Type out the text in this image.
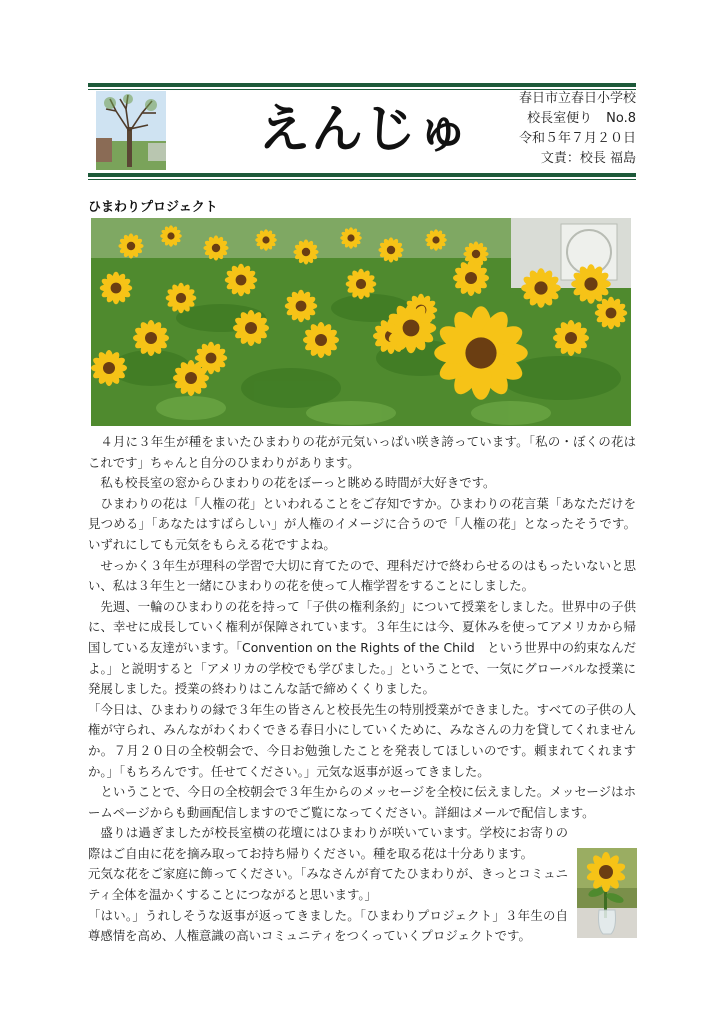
えんじゅ
春日市立春日小学校
校長室便り No.8
令和５年７月２０日
文責：校長 福島
ひまわりプロジェクト

４月に３年生が種をまいたひまわりの花が元気いっぱい咲き誇っています。「私の・ぼくの花はこれです」ちゃんと自分のひまわりがあります。

私も校長室の窓からひまわりの花をぼーっと眺める時間が大好きです。

ひまわりの花は「人権の花」といわれることをご存知ですか。ひまわりの花言葉「あなただけを見つめる」「あなたはすばらしい」が人権のイメージに合うので「人権の花」となったそうです。いずれにしても元気をもらえる花ですよね。

せっかく３年生が理科の学習で大切に育てたので、理科だけで終わらせるのはもったいないと思い、私は３年生と一緒にひまわりの花を使って人権学習をすることにしました。

先週、一輪のひまわりの花を持って「子供の権利条約」について授業をしました。世界中の子供に、幸せに成長していく権利が保障されています。３年生には今、夏休みを使ってアメリカから帰国している友達がいます。「Convention on the Rights of the Child　という世界中の約束なんだよ。」と説明すると「アメリカの学校でも学びました。」ということで、一気にグローバルな授業に発展しました。授業の終わりはこんな話で締めくくりました。

「今日は、ひまわりの縁で３年生の皆さんと校長先生の特別授業ができました。すべての子供の人権が守られ、みんながわくわくできる春日小にしていくために、みなさんの力を貸してくれませんか。７月２０日の全校朝会で、今日お勉強したことを発表してほしいのです。頼まれてくれますか。」「もちろんです。任せてください。」元気な返事が返ってきました。

ということで、今日の全校朝会で３年生からのメッセージを全校に伝えました。メッセージはホームページからも動画配信しますのでご覧になってください。詳細はメールで配信します。

盛りは過ぎましたが校長室横の花壇にはひまわりが咲いています。学校にお寄りの際はご自由に花を摘み取ってお持ち帰りください。種を取る花は十分あります。

元気な花をご家庭に飾ってください。「みなさんが育てたひまわりが、きっとコミュニティ全体を温かくすることにつながると思います。」

「はい。」うれしそうな返事が返ってきました。「ひまわりプロジェクト」３年生の自尊感情を高め、人権意識の高いコミュニティをつくっていくプロジェクトです。
